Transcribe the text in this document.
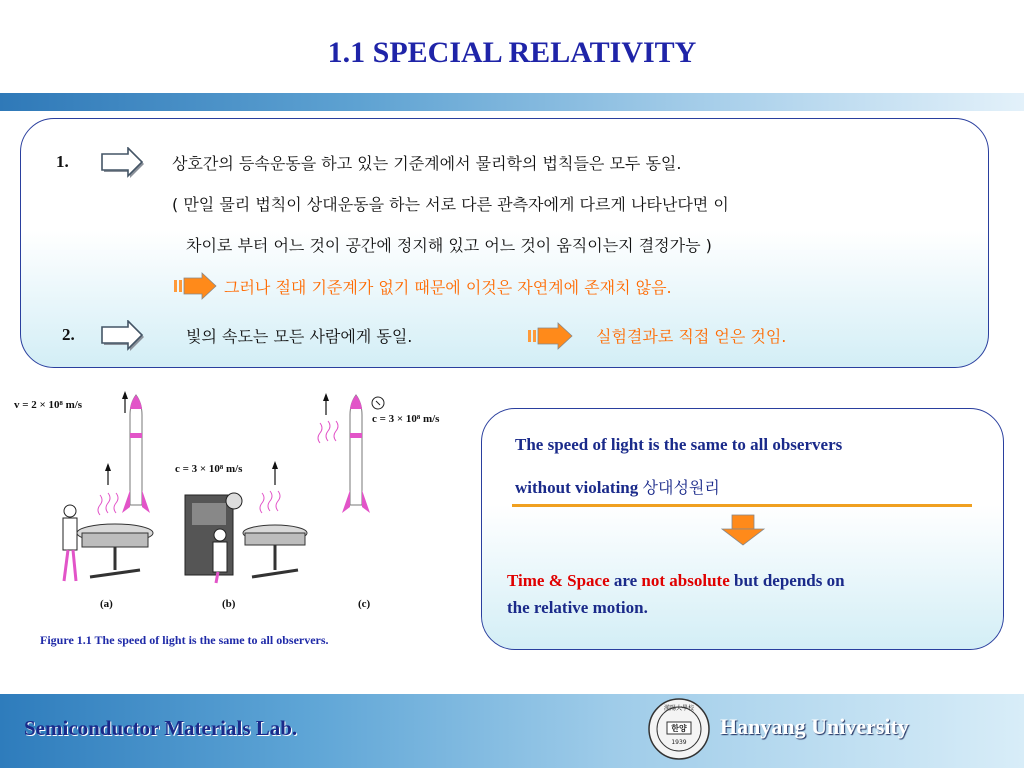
1.1 SPECIAL RELATIVITY
1.	상호간의 등속운동을 하고 있는 기준계에서 물리학의 법칙들은 모두 동일.
( 만일 물리 법칙이 상대운동을 하는 서로 다른 관측자에게 다르게 나타난다면 이
차이로 부터 어느 것이 공간에 정지해 있고 어느 것이 움직이는지 결정가능 )
그러나 절대 기준계가 없기 때문에 이것은 자연계에 존재치 않음.
2.	빛의 속도는 모든 사람에게 동일.	실험결과로 직접 얻은 것임.
v = 2 × 10⁸ m/s
c = 3 × 10⁸ m/s
c = 3 × 10⁸ m/s
(a)	(b)	(c)
Figure 1.1 The speed of light is the same to all observers.
The speed of light is the same to all observers
without violating 상대성원리
Time & Space are not absolute but depends on
the relative motion.
Semiconductor Materials Lab.
漢陽大學校
한양
1939
Hanyang University
